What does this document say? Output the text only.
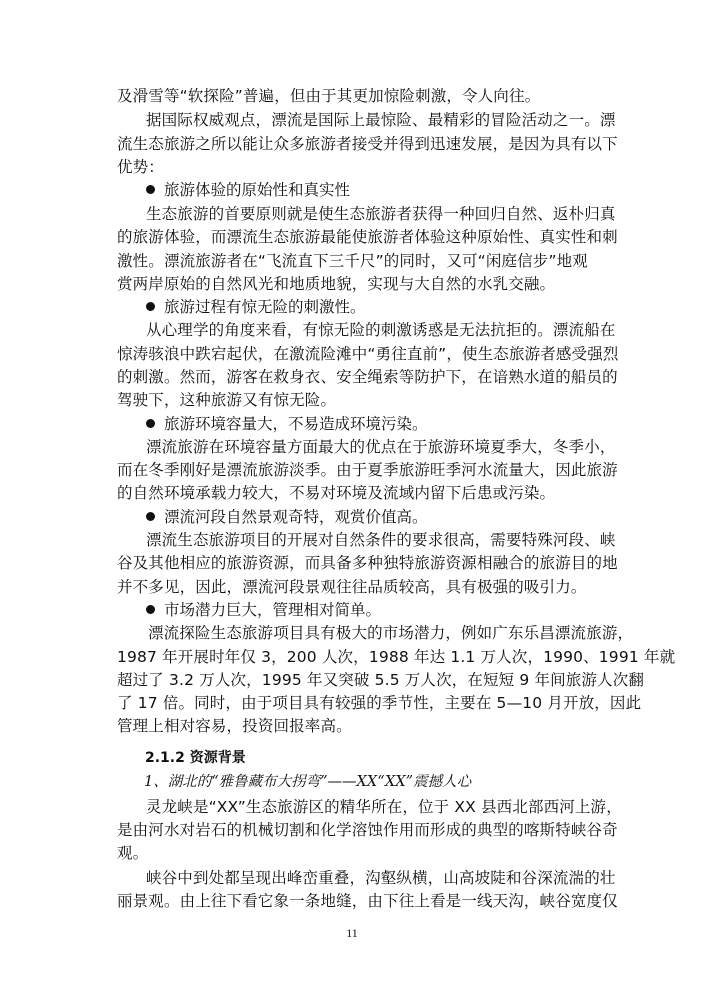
及滑雪等“软探险”普遍，但由于其更加惊险刺激，令人向往。
据国际权威观点，漂流是国际上最惊险、最精彩的冒险活动之一。漂
流生态旅游之所以能让众多旅游者接受并得到迅速发展，是因为具有以下
优势：
旅游体验的原始性和真实性
生态旅游的首要原则就是使生态旅游者获得一种回归自然、返朴归真
的旅游体验，而漂流生态旅游最能使旅游者体验这种原始性、真实性和刺
激性。漂流旅游者在“飞流直下三千尺”的同时，又可“闲庭信步”地观
赏两岸原始的自然风光和地质地貌，实现与大自然的水乳交融。
旅游过程有惊无险的刺激性。
从心理学的角度来看，有惊无险的刺激诱惑是无法抗拒的。漂流船在
惊涛骇浪中跌宕起伏，在激流险滩中“勇往直前”，使生态旅游者感受强烈
的刺激。然而，游客在救身衣、安全绳索等防护下，在谙熟水道的船员的
驾驶下，这种旅游又有惊无险。
旅游环境容量大，不易造成环境污染。
漂流旅游在环境容量方面最大的优点在于旅游环境夏季大，冬季小，
而在冬季刚好是漂流旅游淡季。由于夏季旅游旺季河水流量大，因此旅游
的自然环境承载力较大，不易对环境及流域内留下后患或污染。
漂流河段自然景观奇特，观赏价值高。
漂流生态旅游项目的开展对自然条件的要求很高，需要特殊河段、峡
谷及其他相应的旅游资源，而具备多种独特旅游资源相融合的旅游目的地
并不多见，因此，漂流河段景观往往品质较高，具有极强的吸引力。
市场潜力巨大，管理相对简单。
漂流探险生态旅游项目具有极大的市场潜力，例如广东乐昌漂流旅游，
1987 年开展时年仅 3，200 人次，1988 年达 1.1 万人次，1990、1991 年就
超过了 3.2 万人次，1995 年又突破 5.5 万人次，在短短 9 年间旅游人次翻
了 17 倍。同时，由于项目具有较强的季节性，主要在 5—10 月开放，因此
管理上相对容易，投资回报率高。
2.1.2 资源背景
1、湖北的“雅鲁藏布大拐弯”——XX“XX”震撼人心
灵龙峡是“XX”生态旅游区的精华所在，位于 XX 县西北部西河上游，
是由河水对岩石的机械切割和化学溶蚀作用而形成的典型的喀斯特峡谷奇
观。
峡谷中到处都呈现出峰峦重叠，沟壑纵横，山高坡陡和谷深流湍的壮
丽景观。由上往下看它象一条地缝，由下往上看是一线天沟，峡谷宽度仅
11
